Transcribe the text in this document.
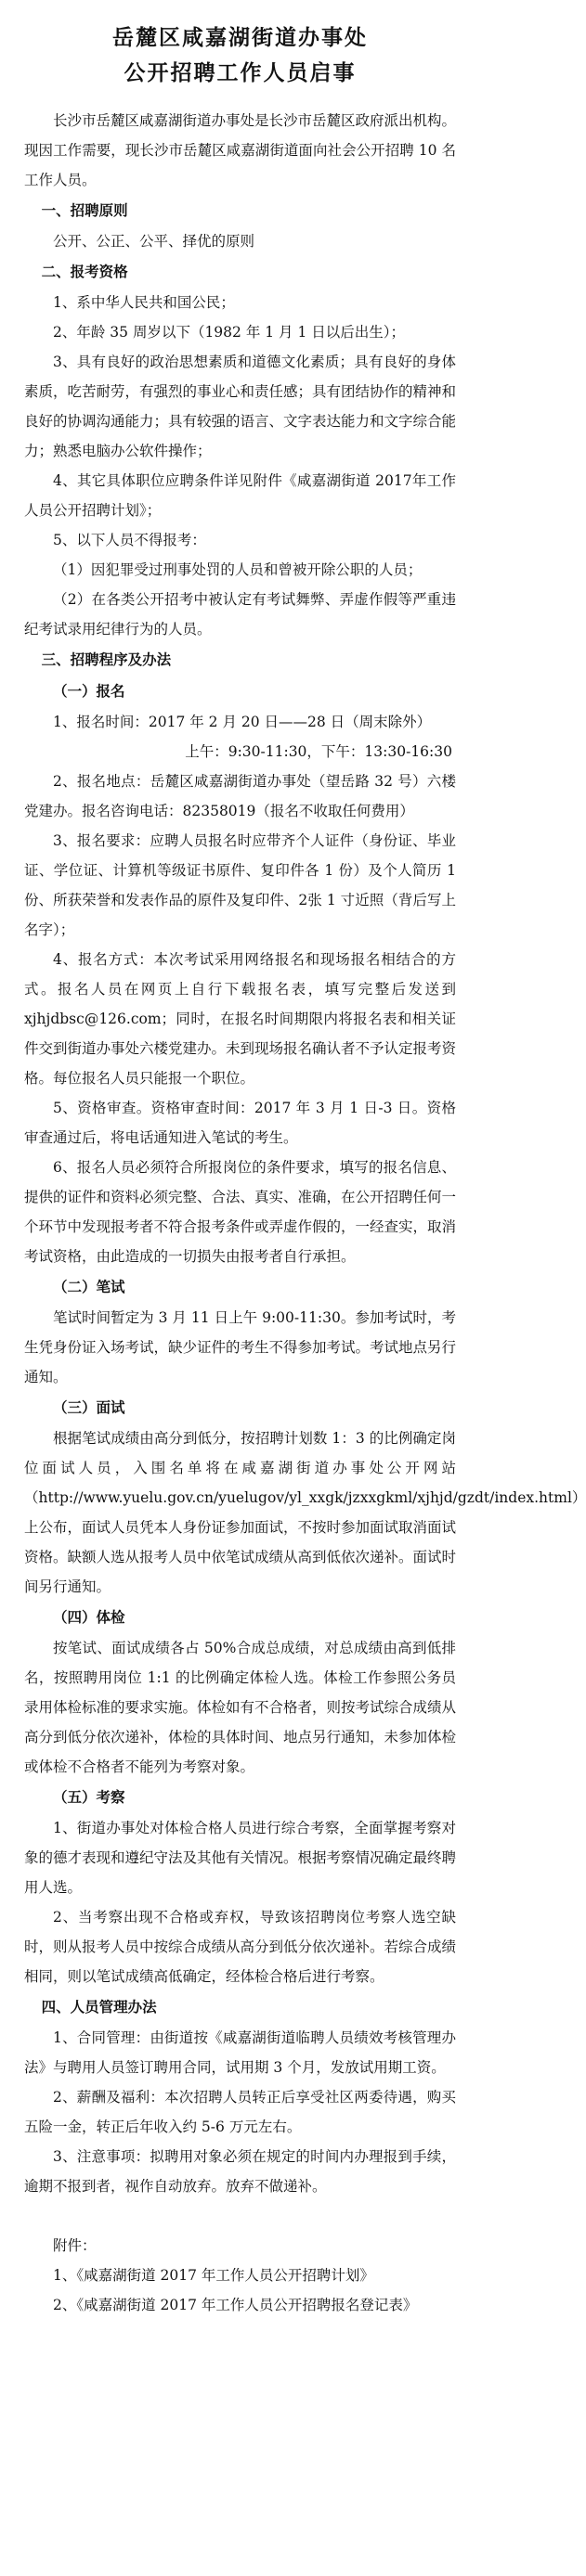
岳麓区咸嘉湖街道办事处
公开招聘工作人员启事

长沙市岳麓区咸嘉湖街道办事处是长沙市岳麓区政府派出机构。现因工作需要，现长沙市岳麓区咸嘉湖街道面向社会公开招聘 10 名工作人员。

一、招聘原则

公开、公正、公平、择优的原则

二、报考资格

1、系中华人民共和国公民；

2、年龄 35 周岁以下（1982 年 1 月 1 日以后出生）；

3、具有良好的政治思想素质和道德文化素质；具有良好的身体素质，吃苦耐劳，有强烈的事业心和责任感；具有团结协作的精神和良好的协调沟通能力；具有较强的语言、文字表达能力和文字综合能力；熟悉电脑办公软件操作；

4、其它具体职位应聘条件详见附件《咸嘉湖街道 2017年工作人员公开招聘计划》；

5、以下人员不得报考：

（1）因犯罪受过刑事处罚的人员和曾被开除公职的人员；

（2）在各类公开招考中被认定有考试舞弊、弄虚作假等严重违纪考试录用纪律行为的人员。

三、招聘程序及办法
（一）报名

1、报名时间：2017 年 2 月 20 日——28 日（周末除外）

上午：9:30-11:30，下午：13:30-16:30

2、报名地点：岳麓区咸嘉湖街道办事处（望岳路 32 号）六楼党建办。报名咨询电话：82358019（报名不收取任何费用）

3、报名要求：应聘人员报名时应带齐个人证件（身份证、毕业证、学位证、计算机等级证书原件、复印件各 1 份）及个人简历 1 份、所获荣誉和发表作品的原件及复印件、2张 1 寸近照（背后写上名字）；

4、报名方式：本次考试采用网络报名和现场报名相结合的方式。报名人员在网页上自行下载报名表，填写完整后发送到 xjhjdbsc@126.com；同时，在报名时间期限内将报名表和相关证件交到街道办事处六楼党建办。未到现场报名确认者不予认定报考资格。每位报名人员只能报一个职位。

5、资格审查。资格审查时间：2017 年 3 月 1 日-3 日。资格审查通过后，将电话通知进入笔试的考生。

6、报名人员必须符合所报岗位的条件要求，填写的报名信息、提供的证件和资料必须完整、合法、真实、准确，在公开招聘任何一个环节中发现报考者不符合报考条件或弄虚作假的，一经查实，取消考试资格，由此造成的一切损失由报考者自行承担。

（二）笔试

笔试时间暂定为 3 月 11 日上午 9:00-11:30。参加考试时，考生凭身份证入场考试，缺少证件的考生不得参加考试。考试地点另行通知。

（三）面试

根据笔试成绩由高分到低分，按招聘计划数 1：3 的比例确定岗位面试人员，入围名单将在咸嘉湖街道办事处公开网站（http://www.yuelu.gov.cn/yuelugov/yl_xxgk/jzxxgkml/xjhjd/gzdt/index.html）上公布，面试人员凭本人身份证参加面试，不按时参加面试取消面试资格。缺额人选从报考人员中依笔试成绩从高到低依次递补。面试时间另行通知。

（四）体检

按笔试、面试成绩各占 50%合成总成绩，对总成绩由高到低排名，按照聘用岗位 1:1 的比例确定体检人选。体检工作参照公务员录用体检标准的要求实施。体检如有不合格者，则按考试综合成绩从高分到低分依次递补，体检的具体时间、地点另行通知，未参加体检或体检不合格者不能列为考察对象。

（五）考察

1、街道办事处对体检合格人员进行综合考察，全面掌握考察对象的德才表现和遵纪守法及其他有关情况。根据考察情况确定最终聘用人选。

2、当考察出现不合格或弃权，导致该招聘岗位考察人选空缺时，则从报考人员中按综合成绩从高分到低分依次递补。若综合成绩相同，则以笔试成绩高低确定，经体检合格后进行考察。

四、人员管理办法

1、合同管理：由街道按《咸嘉湖街道临聘人员绩效考核管理办法》与聘用人员签订聘用合同，试用期 3 个月，发放试用期工资。

2、薪酬及福利：本次招聘人员转正后享受社区两委待遇，购买五险一金，转正后年收入约 5-6 万元左右。

3、注意事项：拟聘用对象必须在规定的时间内办理报到手续，逾期不报到者，视作自动放弃。放弃不做递补。

附件：

1、《咸嘉湖街道 2017 年工作人员公开招聘计划》

2、《咸嘉湖街道 2017 年工作人员公开招聘报名登记表》
